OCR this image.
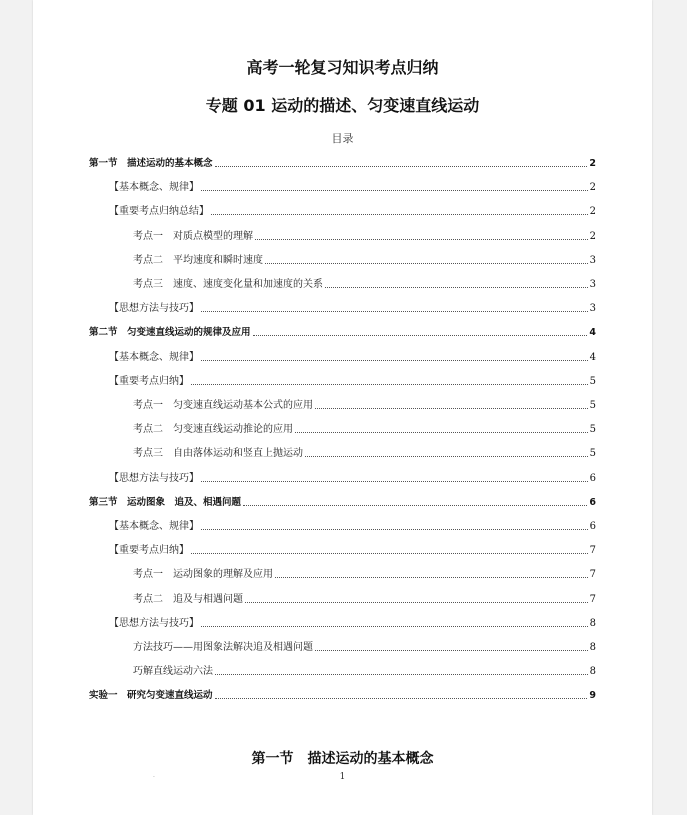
高考一轮复习知识考点归纳
专题 01 运动的描述、匀变速直线运动
目录
第一节　描述运动的基本概念	2
【基本概念、规律】	2
【重要考点归纳总结】	2
考点一　对质点模型的理解	2
考点二　平均速度和瞬时速度	3
考点三　速度、速度变化量和加速度的关系	3
【思想方法与技巧】	3
第二节　匀变速直线运动的规律及应用	4
【基本概念、规律】	4
【重要考点归纳】	5
考点一　匀变速直线运动基本公式的应用	5
考点二　匀变速直线运动推论的应用	5
考点三　自由落体运动和竖直上抛运动	5
【思想方法与技巧】	6
第三节　运动图象　追及、相遇问题	6
【基本概念、规律】	6
【重要考点归纳】	7
考点一　运动图象的理解及应用	7
考点二　追及与相遇问题	7
【思想方法与技巧】	8
方法技巧——用图象法解决追及相遇问题	8
巧解直线运动六法	8
实验一　研究匀变速直线运动	9
第一节　描述运动的基本概念
.	1
